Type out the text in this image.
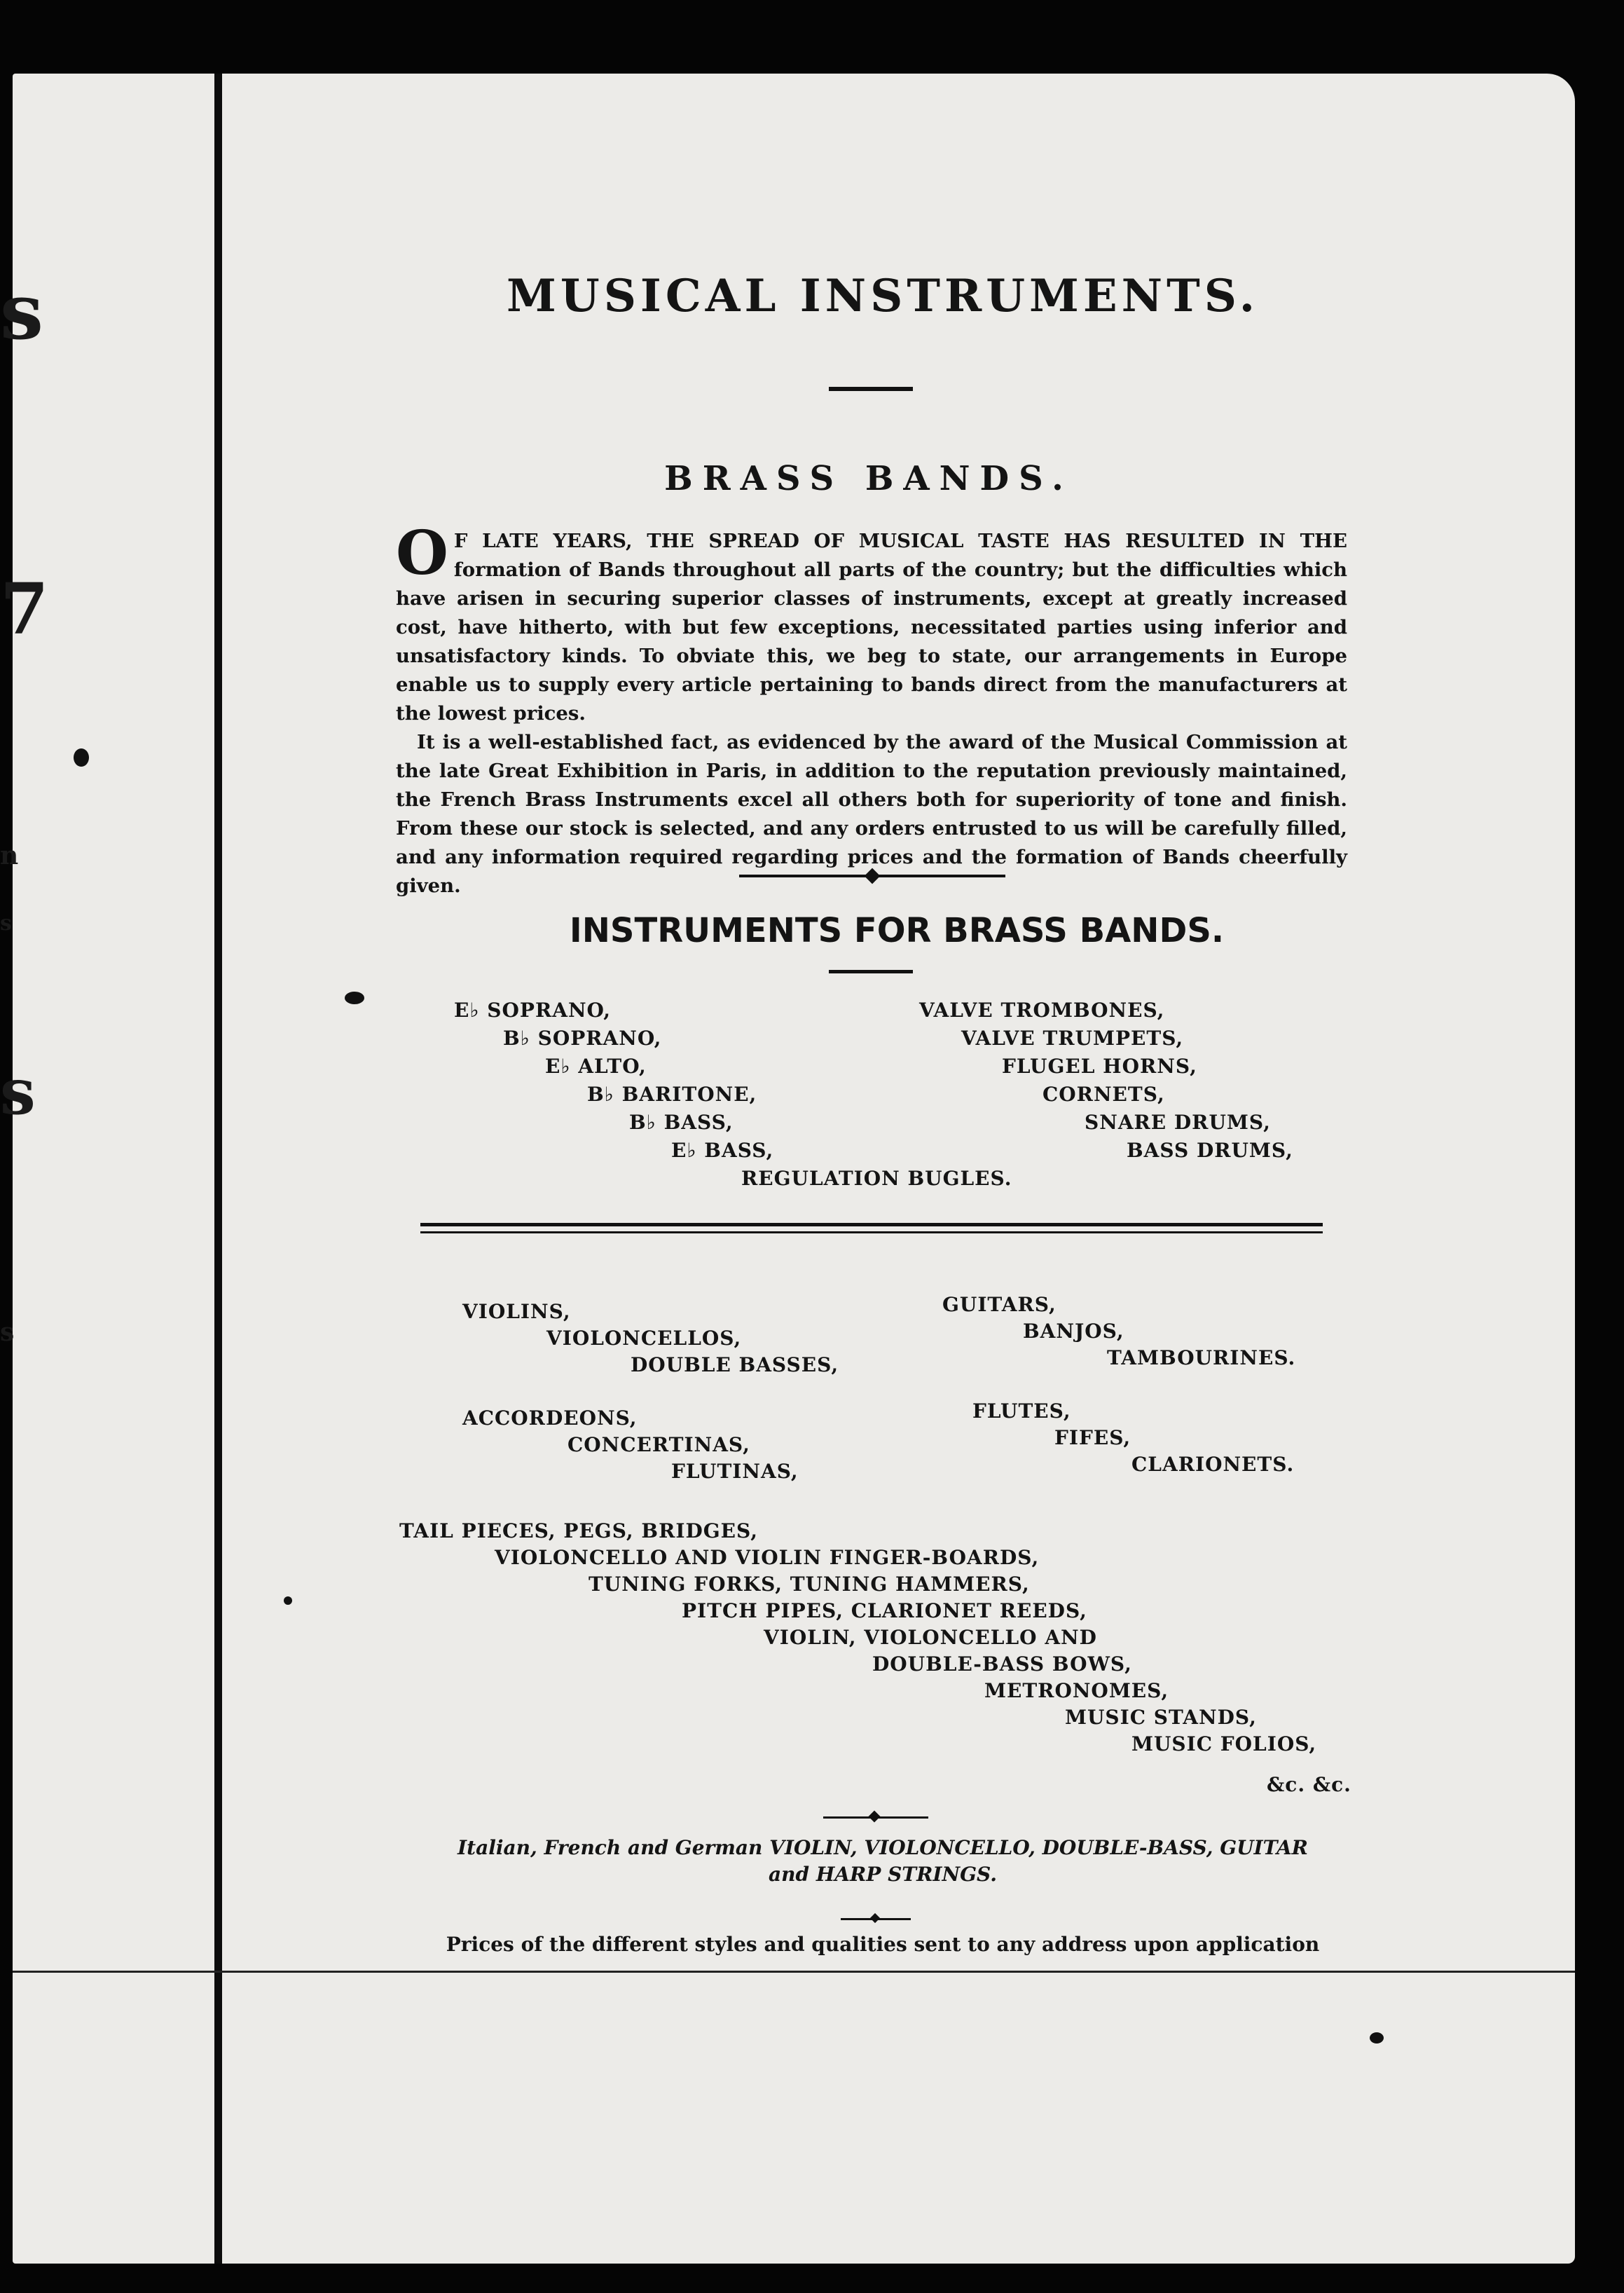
s
7
n
s
s
s
MUSICAL INSTRUMENTS.
BRASS BANDS.

O F LATE YEARS, THE SPREAD OF MUSICAL TASTE HAS RESULTED IN THE formation of Bands throughout all parts of the country; but the difficulties which have arisen in securing superior classes of instruments, except at greatly increased cost, have hitherto, with but few exceptions, necessitated parties using inferior and unsatisfactory kinds. To obviate this, we beg to state, our arrangements in Europe enable us to supply every article pertaining to bands direct from the manufacturers at the lowest prices.

It is a well-established fact, as evidenced by the award of the Musical Commission at the late Great Exhibition in Paris, in addition to the reputation previously maintained, the French Brass Instruments excel all others both for superiority of tone and finish. From these our stock is selected, and any orders entrusted to us will be carefully filled, and any information required regarding prices and the formation of Bands cheerfully given.

INSTRUMENTS FOR BRASS BANDS.
E♭ SOPRANO,
B♭ SOPRANO,
E♭ ALTO,
B♭ BARITONE,
B♭ BASS,
E♭ BASS,
REGULATION BUGLES.
VALVE TROMBONES,
VALVE TRUMPETS,
FLUGEL HORNS,
CORNETS,
SNARE DRUMS,
BASS DRUMS,
VIOLINS,
VIOLONCELLOS,
DOUBLE BASSES,
GUITARS,
BANJOS,
TAMBOURINES.
ACCORDEONS,
CONCERTINAS,
FLUTINAS,
FLUTES,
FIFES,
CLARIONETS.
TAIL PIECES, PEGS, BRIDGES,
VIOLONCELLO AND VIOLIN FINGER-BOARDS,
TUNING FORKS, TUNING HAMMERS,
PITCH PIPES, CLARIONET REEDS,
VIOLIN, VIOLONCELLO AND
DOUBLE-BASS BOWS,
METRONOMES,
MUSIC STANDS,
MUSIC FOLIOS,
&c. &c.
Italian, French and German VIOLIN, VIOLONCELLO, DOUBLE-BASS, GUITAR
and HARP STRINGS.
Prices of the different styles and qualities sent to any address upon application
